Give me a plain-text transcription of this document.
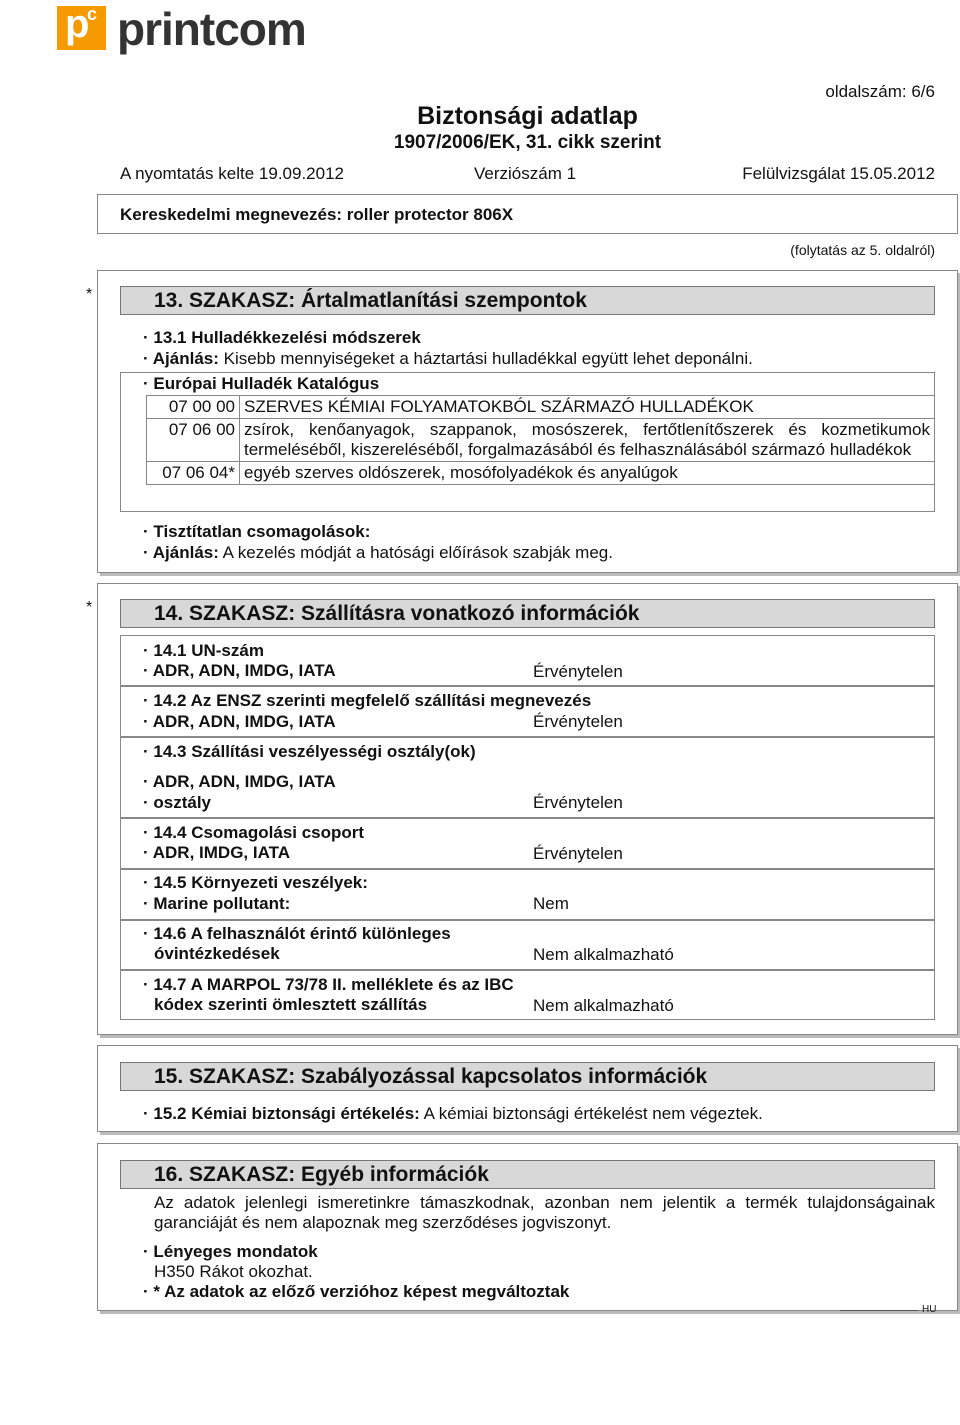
p
c printcom
oldalszám: 6/6
Biztonsági adatlap
1907/2006/EK, 31. cikk szerint
A nyomtatás kelte 19.09.2012	Verziószám 1	Felülvizsgálat 15.05.2012
Kereskedelmi megnevezés: roller protector 806X
(folytatás az 5. oldalról)
*	13. SZAKASZ: Ártalmatlanítási szempontok
· 13.1 Hulladékkezelési módszerek
· Ajánlás: Kisebb mennyiségeket a háztartási hulladékkal együtt lehet deponálni.
· Európai Hulladék Katalógus
07 00 00	SZERVES KÉMIAI FOLYAMATOKBÓL SZÁRMAZÓ HULLADÉKOK
07 06 00	zsírok, kenőanyagok, szappanok, mosószerek, fertőtlenítőszerek és kozmetikumok termeléséből, kiszereléséből, forgalmazásából és felhasználásából származó hulladékok
07 06 04*	egyéb szerves oldószerek, mosófolyadékok és anyalúgok
· Tisztítatlan csomagolások:
· Ajánlás: A kezelés módját a hatósági előírások szabják meg.
*	14. SZAKASZ: Szállításra vonatkozó információk
· 14.1 UN-szám
· ADR, ADN, IMDG, IATA	Érvénytelen
· 14.2 Az ENSZ szerinti megfelelő szállítási megnevezés
· ADR, ADN, IMDG, IATA	Érvénytelen
· 14.3 Szállítási veszélyességi osztály(ok)
· ADR, ADN, IMDG, IATA
· osztály	Érvénytelen
· 14.4 Csomagolási csoport
· ADR, IMDG, IATA	Érvénytelen
· 14.5 Környezeti veszélyek:
· Marine pollutant:	Nem
· 14.6 A felhasználót érintő különleges
óvintézkedések	Nem alkalmazható
· 14.7 A MARPOL 73/78 II. melléklete és az IBC
kódex szerinti ömlesztett szállítás	Nem alkalmazható
15. SZAKASZ: Szabályozással kapcsolatos információk
· 15.2 Kémiai biztonsági értékelés: A kémiai biztonsági értékelést nem végeztek.
16. SZAKASZ: Egyéb információk
Az adatok jelenlegi ismeretinkre támaszkodnak, azonban nem jelentik a termék tulajdonságainak garanciáját és nem alapoznak meg szerződéses jogviszonyt.
· Lényeges mondatok
H350 Rákot okozhat.
· * Az adatok az előző verzióhoz képest megváltoztak
HU
